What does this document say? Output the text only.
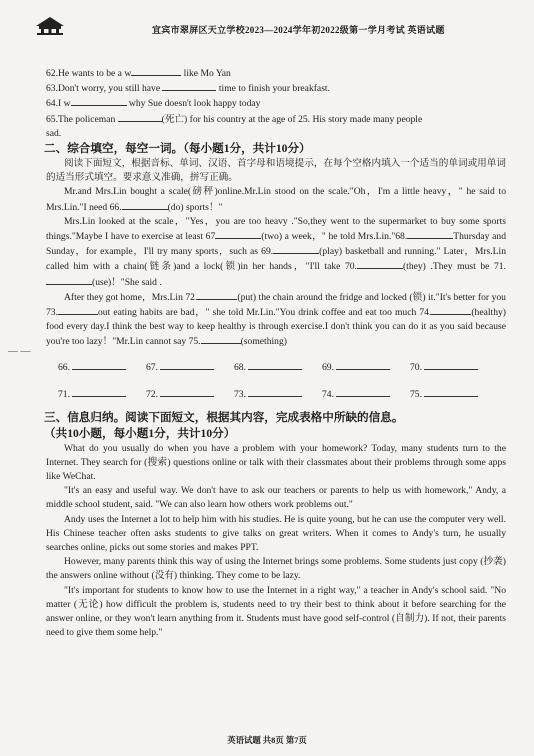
宜宾市翠屏区天立学校2023—2024学年初2022级第一学月考试 英语试题
62.He wants to be a w	like Mo Yan
63.Don't worry, you still have	time to finish your breakfast.
64.I w	why Sue doesn't look happy today
65.The policeman	(死亡) for his country at the age of 25. His story made many people
sad.
二、综合填空，每空一词。（每小题1分，共计10分）
阅读下面短文，根据音标、单词、汉语、首字母和语境提示，在每个空格内填入一个适当的单词或用单词的适当形式填空。要求意义准确，拼写正确。
Mr.and Mrs.Lin bought a scale(磅秤)online.Mr.Lin stood on the scale."Oh，I'm a little heavy，" he said to Mrs.Lin."I need 66.	(do) sports！"
Mrs.Lin looked at the scale，"Yes，you are too heavy ."So,they went to the supermarket to buy some sports things."Maybe I have to exercise at least 67	(two) a week，" he told Mrs.Lin."68.	Thursday and Sunday，for example，I'll try many sports，such as 69.	(play) basketball and running." Later，Mrs.Lin called him with a chain(链条)and a lock(锁)in her hands，"I'll take 70.	(they) .They must be 71.(use)！"She said .
After they got home，Mrs.Lin 72.	(put) the chain around the fridge and locked (锁) it."It's better for you 73.	out eating habits are bad，" she told Mr.Lin."You drink coffee and eat too much 74.	(healthy) food every day.I think the best way to keep healthy is through exercise.I don't think you can do it as you said because you're too lazy！"Mr.Lin cannot say 75.	(something)
66.	67.	68.	69.	70.
71.	72.	73.	74.	75.
三、信息归纳。阅读下面短文，根据其内容，完成表格中所缺的信息。
（共10小题，每小题1分，共计10分）
What do you usually do when you have a problem with your homework? Today, many students turn to the Internet. They search for (搜索) questions online or talk with their classmates about their problems through some apps like WeChat.
"It's an easy and useful way. We don't have to ask our teachers or parents to help us with homework," Andy, a middle school student, said. "We can also learn how others work problems out."
Andy uses the Internet a lot to help him with his studies. He is quite young, but he can use the computer very well. His Chinese teacher often asks students to give talks on great writers. When it comes to Andy's turn, he usually searches online, picks out some stories and makes PPT.
However, many parents think this way of using the Internet brings some problems. Some students just copy (抄袭) the answers online without (没有) thinking. They come to be lazy.
"It's important for students to know how to use the Internet in a right way," a teacher in Andy's school said. "No matter (无论) how difficult the problem is, students need to try their best to think about it before searching for the answer online, or they won't learn anything from it. Students must have good self-control (自制力). If not, their parents need to give them some help."
— —
英语试题 共8页 第7页
